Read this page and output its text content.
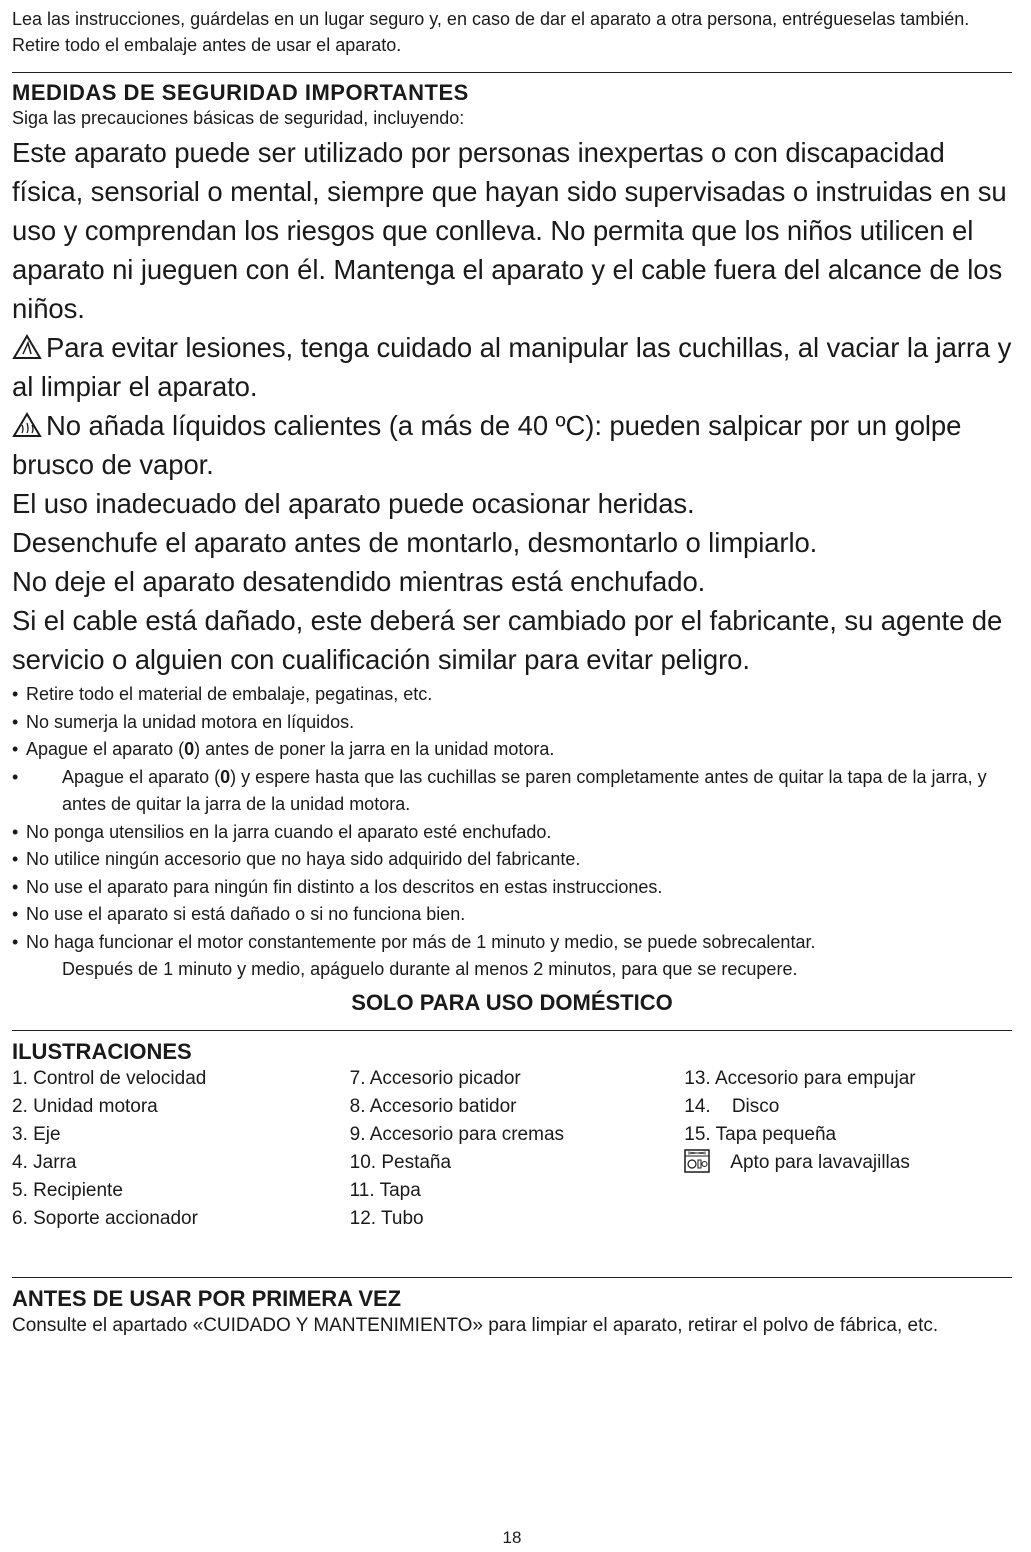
Lea las instrucciones, guárdelas en un lugar seguro y, en caso de dar el aparato a otra persona, entrégueselas también. Retire todo el embalaje antes de usar el aparato.
MEDIDAS DE SEGURIDAD IMPORTANTES
Siga las precauciones básicas de seguridad, incluyendo:
Este aparato puede ser utilizado por personas inexpertas o con discapacidad física, sensorial o mental, siempre que hayan sido supervisadas o instruidas en su uso y comprendan los riesgos que conlleva. No permita que los niños utilicen el aparato ni jueguen con él. Mantenga el aparato y el cable fuera del alcance de los niños.
Para evitar lesiones, tenga cuidado al manipular las cuchillas, al vaciar la jarra y al limpiar el aparato.
No añada líquidos calientes (a más de 40 ºC): pueden salpicar por un golpe brusco de vapor.
El uso inadecuado del aparato puede ocasionar heridas.
Desenchufe el aparato antes de montarlo, desmontarlo o limpiarlo.
No deje el aparato desatendido mientras está enchufado.
Si el cable está dañado, este deberá ser cambiado por el fabricante, su agente de servicio o alguien con cualificación similar para evitar peligro.
• Retire todo el material de embalaje, pegatinas, etc.
• No sumerja la unidad motora en líquidos.
• Apague el aparato (0) antes de poner la jarra en la unidad motora.
• Apague el aparato (0) y espere hasta que las cuchillas se paren completamente antes de quitar la tapa de la jarra, y antes de quitar la jarra de la unidad motora.
• No ponga utensilios en la jarra cuando el aparato esté enchufado.
• No utilice ningún accesorio que no haya sido adquirido del fabricante.
• No use el aparato para ningún fin distinto a los descritos en estas instrucciones.
• No use el aparato si está dañado o si no funciona bien.
• No haga funcionar el motor constantemente por más de 1 minuto y medio, se puede sobrecalentar.
Después de 1 minuto y medio, apáguelo durante al menos 2 minutos, para que se recupere.
SOLO PARA USO DOMÉSTICO
ILUSTRACIONES
1. Control de velocidad
2. Unidad motora
3. Eje
4. Jarra
5. Recipiente
6. Soporte accionador
7. Accesorio picador
8. Accesorio batidor
9. Accesorio para cremas
10. Pestaña
11. Tapa
12. Tubo
13. Accesorio para empujar
14.    Disco
15. Tapa pequeña
Apto para lavavajillas
ANTES DE USAR POR PRIMERA VEZ
Consulte el apartado «CUIDADO Y MANTENIMIENTO» para limpiar el aparato, retirar el polvo de fábrica, etc.
18
